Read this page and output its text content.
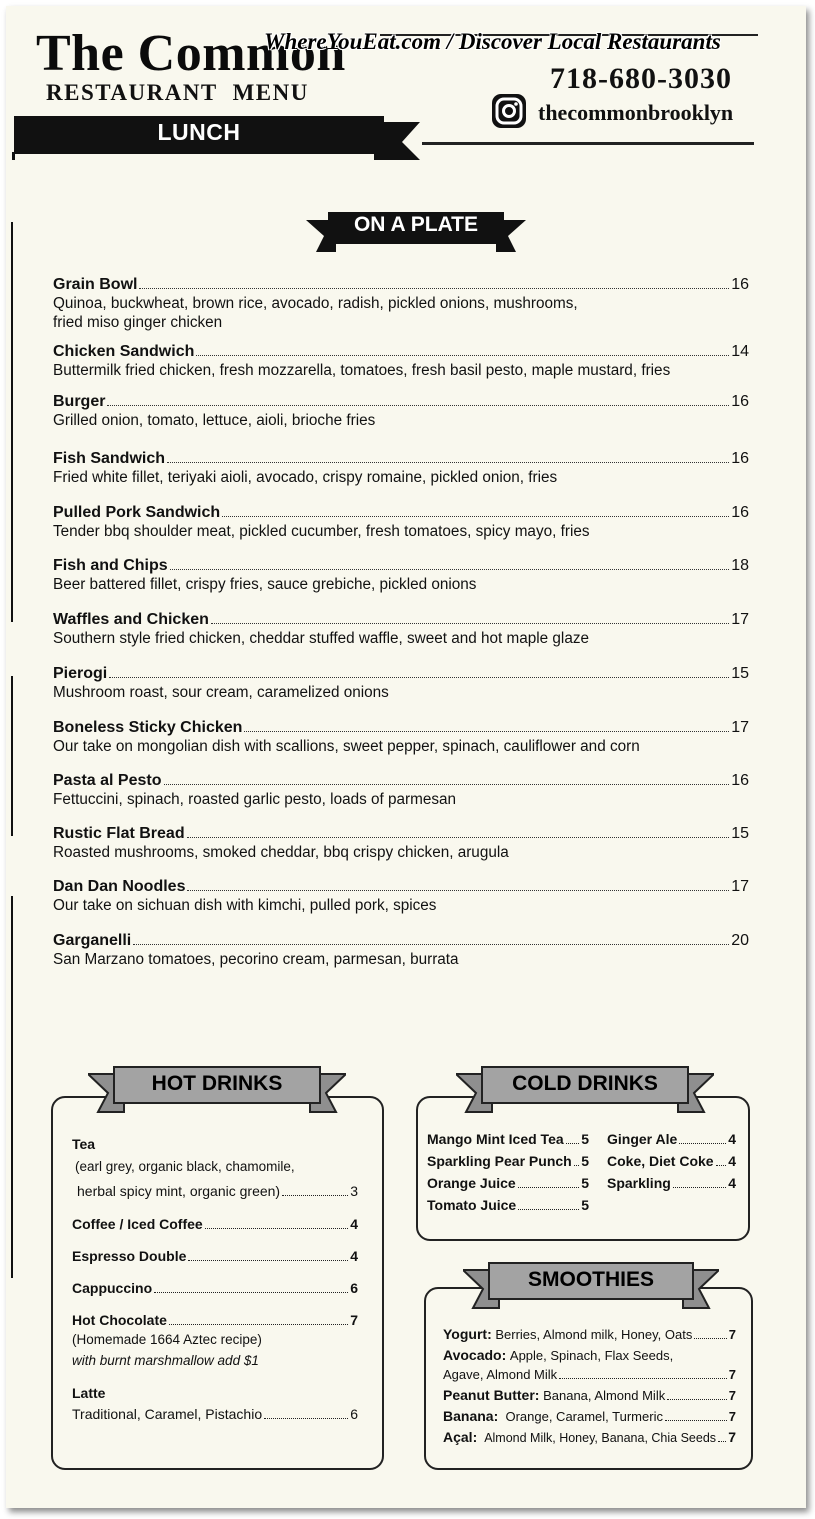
The Common
WhereYouEat.com / Discover Local Restaurants
RESTAURANT MENU	718-680-3030
thecommonbrooklyn
LUNCH
ON A PLATE
Grain Bowl	16
Quinoa, buckwheat, brown rice, avocado, radish, pickled onions, mushrooms,
fried miso ginger chicken
Chicken Sandwich	14
Buttermilk fried chicken, fresh mozzarella, tomatoes, fresh basil pesto, maple mustard, fries
Burger	16
Grilled onion, tomato, lettuce, aioli, brioche fries
Fish Sandwich	16
Fried white fillet, teriyaki aioli, avocado, crispy romaine, pickled onion, fries
Pulled Pork Sandwich	16
Tender bbq shoulder meat, pickled cucumber, fresh tomatoes, spicy mayo, fries
Fish and Chips	18
Beer battered fillet, crispy fries, sauce grebiche, pickled onions
Waffles and Chicken	17
Southern style fried chicken, cheddar stuffed waffle, sweet and hot maple glaze
Pierogi	15
Mushroom roast, sour cream, caramelized onions
Boneless Sticky Chicken	17
Our take on mongolian dish with scallions, sweet pepper, spinach, cauliflower and corn
Pasta al Pesto	16
Fettuccini, spinach, roasted garlic pesto, loads of parmesan
Rustic Flat Bread	15
Roasted mushrooms, smoked cheddar, bbq crispy chicken, arugula
Dan Dan Noodles	17
Our take on sichuan dish with kimchi, pulled pork, spices
Garganelli	20
San Marzano tomatoes, pecorino cream, parmesan, burrata
HOT DRINKS
Tea
(earl grey, organic black, chamomile,
herbal spicy mint, organic green)	3
Coffee / Iced Coffee	4
Espresso Double	4
Cappuccino	6
Hot Chocolate	7
(Homemade 1664 Aztec recipe)
with burnt marshmallow add $1
Latte
Traditional, Caramel, Pistachio	6
COLD DRINKS
Mango Mint Iced Tea 5
Sparkling Pear Punch 5
Orange Juice	5
Tomato Juice	5
Ginger Ale	4
Coke, Diet Coke 4
Sparkling	4
SMOOTHIES
Yogurt:
Berries, Almond milk, Honey, Oats	7
Avocado:
Apple, Spinach, Flax Seeds,
Agave, Almond Milk	7
Peanut Butter:
Banana, Almond Milk	7
Banana:
Orange, Caramel, Turmeric	7
Açal:
Almond Milk, Honey, Banana, Chia Seeds 7
